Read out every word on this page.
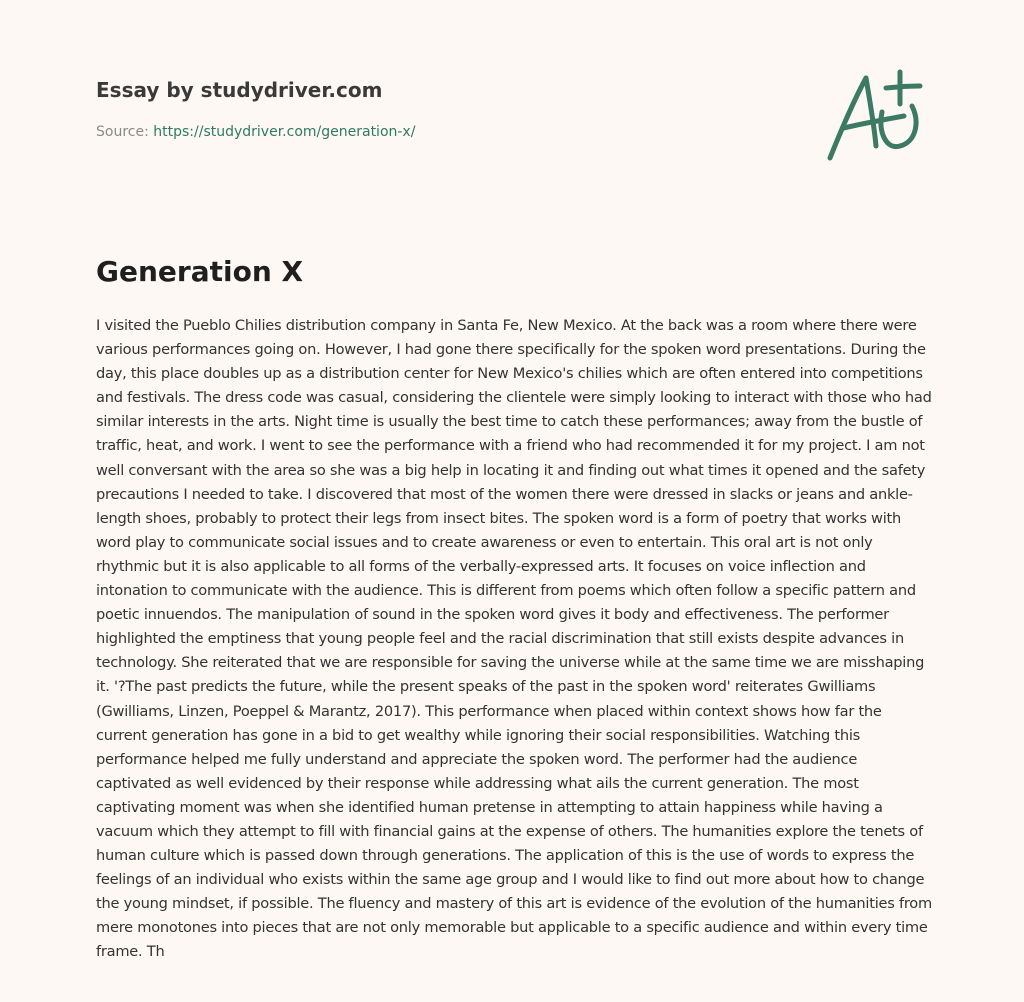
Essay by studydriver.com
Source: https://studydriver.com/generation-x/
Generation X

I visited the Pueblo Chilies distribution company in Santa Fe, New Mexico. At the back was a room where there were various performances going on. However, I had gone there specifically for the spoken word presentations. During the day, this place doubles up as a distribution center for New Mexico's chilies which are often entered into competitions and festivals. The dress code was casual, considering the clientele were simply looking to interact with those who had similar interests in the arts. Night time is usually the best time to catch these performances; away from the bustle of traffic, heat, and work. I went to see the performance with a friend who had recommended it for my project. I am not well conversant with the area so she was a big help in locating it and finding out what times it opened and the safety precautions I needed to take. I discovered that most of the women there were dressed in slacks or jeans and ankle-length shoes, probably to protect their legs from insect bites. The spoken word is a form of poetry that works with word play to communicate social issues and to create awareness or even to entertain. This oral art is not only rhythmic but it is also applicable to all forms of the verbally-expressed arts. It focuses on voice inflection and intonation to communicate with the audience. This is different from poems which often follow a specific pattern and poetic innuendos. The manipulation of sound in the spoken word gives it body and effectiveness. The performer highlighted the emptiness that young people feel and the racial discrimination that still exists despite advances in technology. She reiterated that we are responsible for saving the universe while at the same time we are misshaping it. '?The past predicts the future, while the present speaks of the past in the spoken word' reiterates Gwilliams (Gwilliams, Linzen, Poeppel & Marantz, 2017). This performance when placed within context shows how far the current generation has gone in a bid to get wealthy while ignoring their social responsibilities. Watching this performance helped me fully understand and appreciate the spoken word. The performer had the audience captivated as well evidenced by their response while addressing what ails the current generation. The most captivating moment was when she identified human pretense in attempting to attain happiness while having a vacuum which they attempt to fill with financial gains at the expense of others. The humanities explore the tenets of human culture which is passed down through generations. The application of this is the use of words to express the feelings of an individual who exists within the same age group and I would like to find out more about how to change the young mindset, if possible. The fluency and mastery of this art is evidence of the evolution of the humanities from mere monotones into pieces that are not only memorable but applicable to a specific audience and within every time frame. Th
